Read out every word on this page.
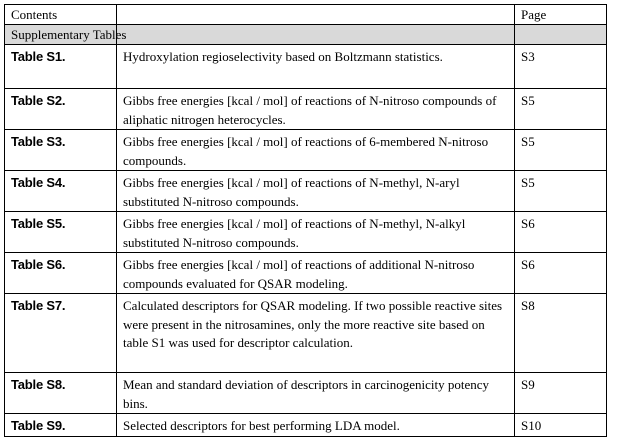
Contents		Page
Supplementary Tables		
Table S1.	Hydroxylation regioselectivity based on Boltzmann statistics.	S3
Table S2.	Gibbs free energies [kcal / mol] of reactions of N-nitroso compounds of aliphatic nitrogen heterocycles.	S5
Table S3.	Gibbs free energies [kcal / mol] of reactions of 6-membered N-nitroso compounds.	S5
Table S4.	Gibbs free energies [kcal / mol] of reactions of N-methyl, N-aryl substituted N-nitroso compounds.	S5
Table S5.	Gibbs free energies [kcal / mol] of reactions of N-methyl, N-alkyl substituted N-nitroso compounds.	S6
Table S6.	Gibbs free energies [kcal / mol] of reactions of additional N-nitroso compounds evaluated for QSAR modeling.	S6
Table S7.	Calculated descriptors for QSAR modeling. If two possible reactive sites were present in the nitrosamines, only the more reactive site based on table S1 was used for descriptor calculation.	S8
Table S8.	Mean and standard deviation of descriptors in carcinogenicity potency bins.	S9
Table S9.	Selected descriptors for best performing LDA model.	S10
